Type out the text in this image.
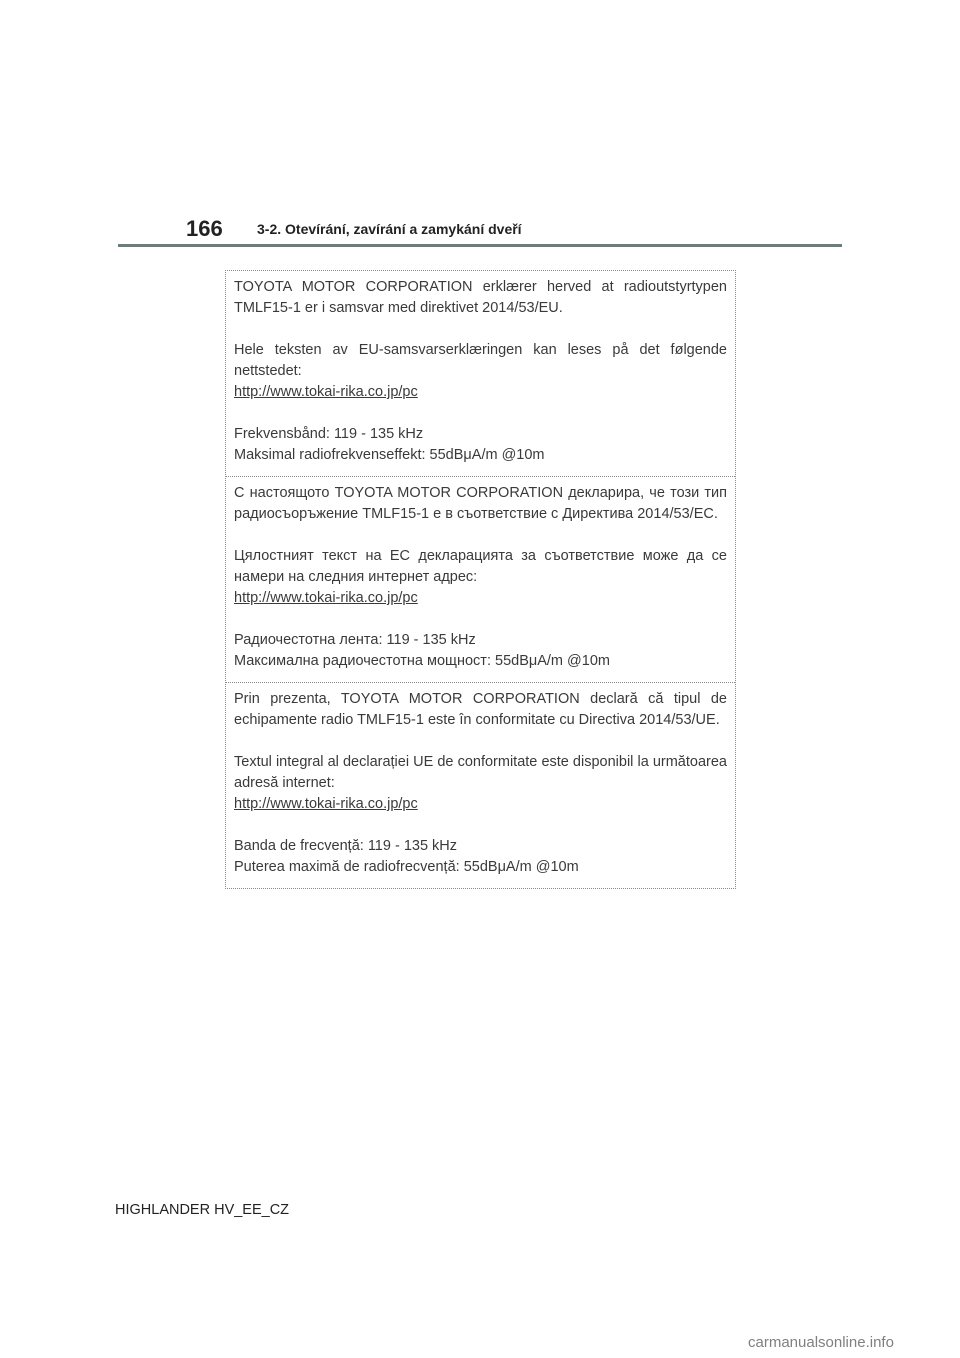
166 3-2. Otevírání, zavírání a zamykání dveří

TOYOTA MOTOR CORPORATION erklærer herved at radioutstyrtypen TMLF15-1 er i samsvar med direktivet 2014/53/EU.

Hele teksten av EU-samsvarserklæringen kan leses på det følgende nettstedet:

http://www.tokai-rika.co.jp/pc

Frekvensbånd: 119 - 135 kHz

Maksimal radiofrekvenseffekt: 55dBμA/m @10m

С настоящото TOYOTA MOTOR CORPORATION декларира, че този тип радиосъоръжение TMLF15-1 е в съответствие с Директива 2014/53/ЕС.

Цялостният текст на ЕС декларацията за съответствие може да се намери на следния интернет адрес:

http://www.tokai-rika.co.jp/pc

Радиочестотна лента: 119 - 135 kHz

Максимална радиочестотна мощност: 55dBμA/m @10m

Prin prezenta, TOYOTA MOTOR CORPORATION declară că tipul de echipamente radio TMLF15-1 este în conformitate cu Directiva 2014/53/UE.

Textul integral al declarației UE de conformitate este disponibil la următoarea adresă internet:

http://www.tokai-rika.co.jp/pc

Banda de frecvență: 119 - 135 kHz

Puterea maximă de radiofrecvență: 55dBμA/m @10m

HIGHLANDER HV_EE_CZ
carmanualsonline.info
